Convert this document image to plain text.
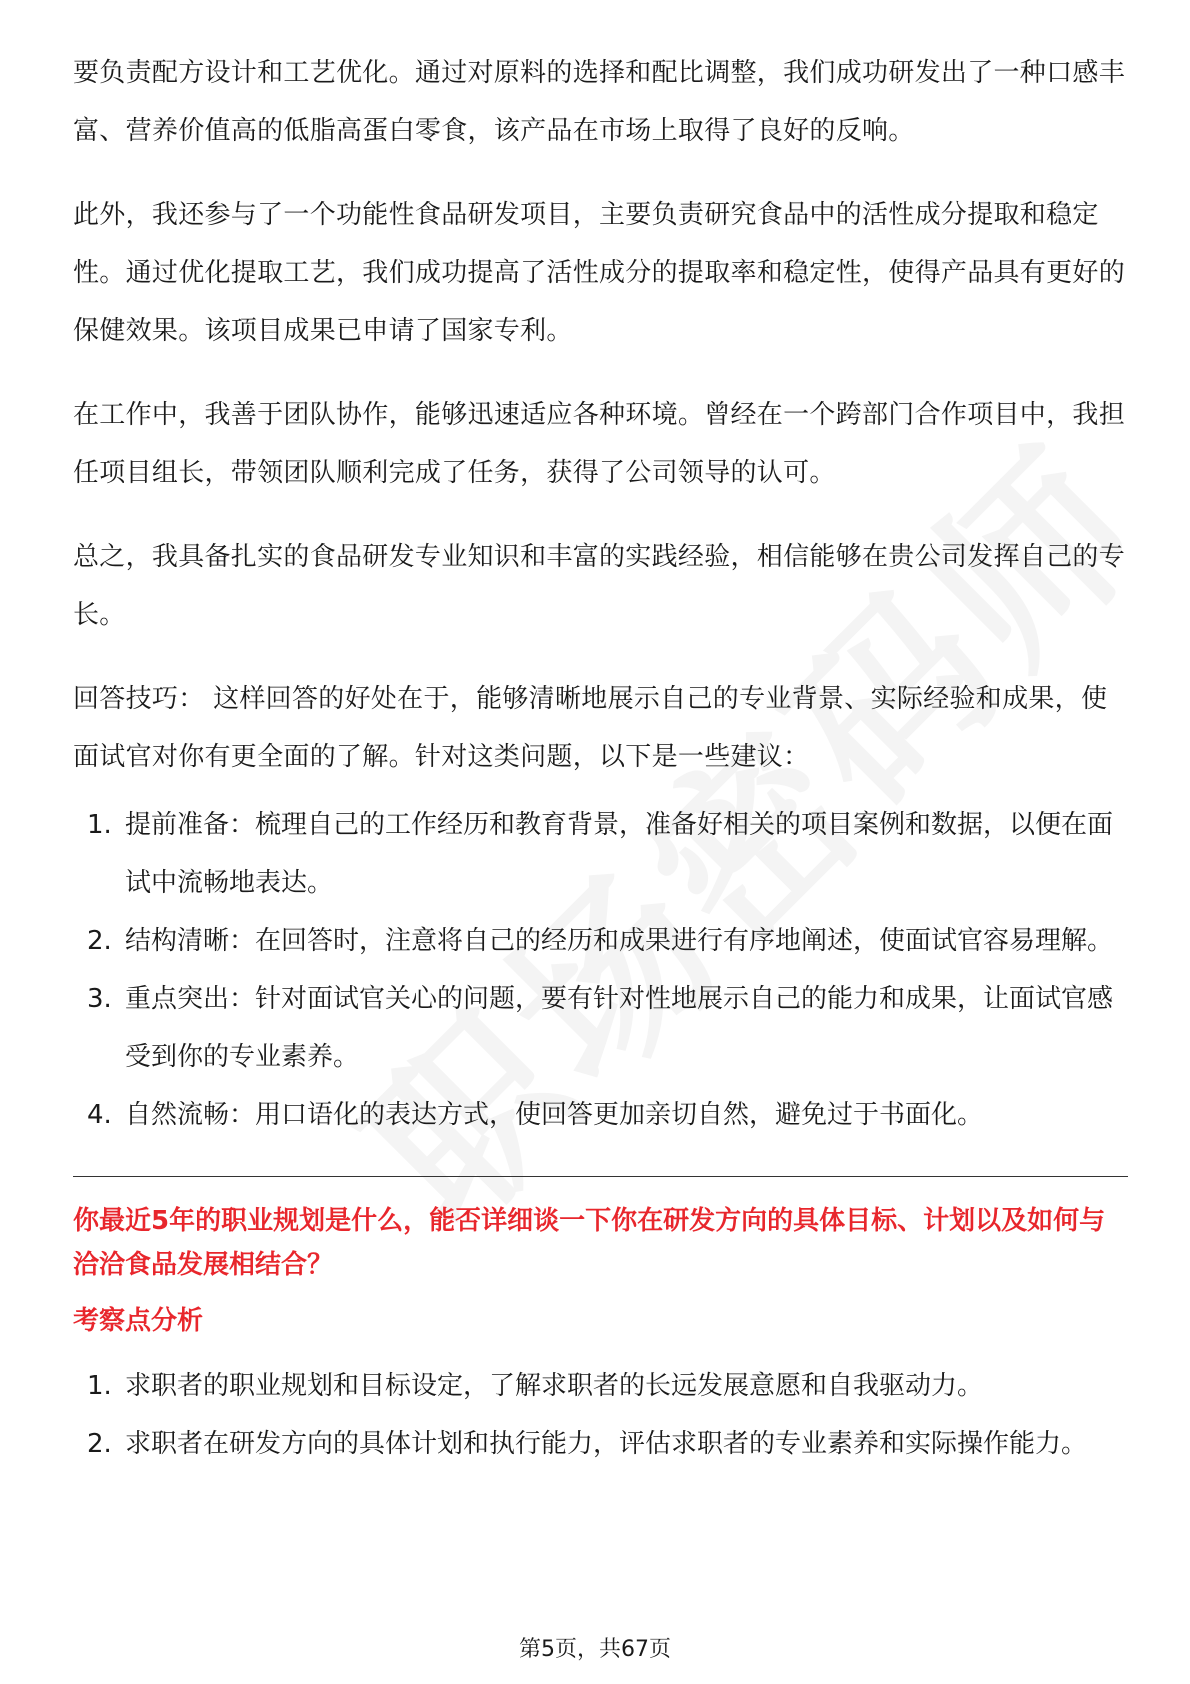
要负责配方设计和工艺优化。通过对原料的选择和配比调整，我们成功研发出了一种口感丰富、营养价值高的低脂高蛋白零食，该产品在市场上取得了良好的反响。

此外，我还参与了一个功能性食品研发项目，主要负责研究食品中的活性成分提取和稳定性。通过优化提取工艺，我们成功提高了活性成分的提取率和稳定性，使得产品具有更好的保健效果。该项目成果已申请了国家专利。

在工作中，我善于团队协作，能够迅速适应各种环境。曾经在一个跨部门合作项目中，我担任项目组长，带领团队顺利完成了任务，获得了公司领导的认可。

总之，我具备扎实的食品研发专业知识和丰富的实践经验，相信能够在贵公司发挥自己的专长。

回答技巧： 这样回答的好处在于，能够清晰地展示自己的专业背景、实际经验和成果，使面试官对你有更全面的了解。针对这类问题，以下是一些建议：

1. 提前准备：梳理自己的工作经历和教育背景，准备好相关的项目案例和数据，以便在面试中流畅地表达。
2. 结构清晰：在回答时，注意将自己的经历和成果进行有序地阐述，使面试官容易理解。
3. 重点突出：针对面试官关心的问题，要有针对性地展示自己的能力和成果，让面试官感受到你的专业素养。
4. 自然流畅：用口语化的表达方式，使回答更加亲切自然，避免过于书面化。

你最近5年的职业规划是什么，能否详细谈一下你在研发方向的具体目标、计划以及如何与洽洽食品发展相结合？

考察点分析

1. 求职者的职业规划和目标设定，了解求职者的长远发展意愿和自我驱动力。
2. 求职者在研发方向的具体计划和执行能力，评估求职者的专业素养和实际操作能力。
第5页，共67页
